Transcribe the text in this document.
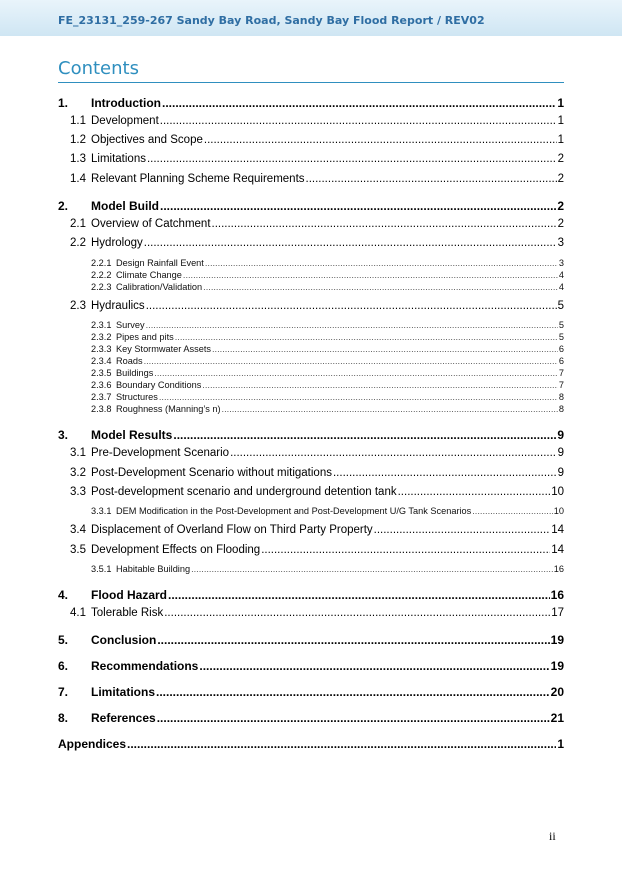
FE_23131_259-267 Sandy Bay Road, Sandy Bay Flood Report / REV02
Contents
1.	Introduction .....	1
1.1 Development .....	1
1.2 Objectives and Scope .....	1
1.3 Limitations .....	2
1.4 Relevant Planning Scheme Requirements .....	2
2.	Model Build .....	2
2.1 Overview of Catchment .....	2
2.2 Hydrology .....	3
2.2.1 Design Rainfall Event .....	3
2.2.2 Climate Change .....	4
2.2.3 Calibration/Validation .....	4
2.3 Hydraulics .....	5
2.3.1 Survey .....	5
2.3.2 Pipes and pits .....	5
2.3.3 Key Stormwater Assets .....	6
2.3.4 Roads .....	6
2.3.5 Buildings .....	7
2.3.6 Boundary Conditions .....	7
2.3.7 Structures .....	8
2.3.8 Roughness (Manning’s n) .....	8
3.	Model Results .....	9
3.1 Pre-Development Scenario .....	9
3.2 Post-Development Scenario without mitigations .....	9
3.3 Post-development scenario and underground detention tank .....	10
3.3.1 DEM Modification in the Post-Development and Post-Development U/G Tank Scenarios .....	10
3.4 Displacement of Overland Flow on Third Party Property .....	14
3.5 Development Effects on Flooding .....	14
3.5.1 Habitable Building .....	16
4.	Flood Hazard .....	16
4.1 Tolerable Risk .....	17
5.	Conclusion .....	19
6.	Recommendations .....	19
7.	Limitations .....	20
8.	References .....	21
Appendices .....	1
ii
